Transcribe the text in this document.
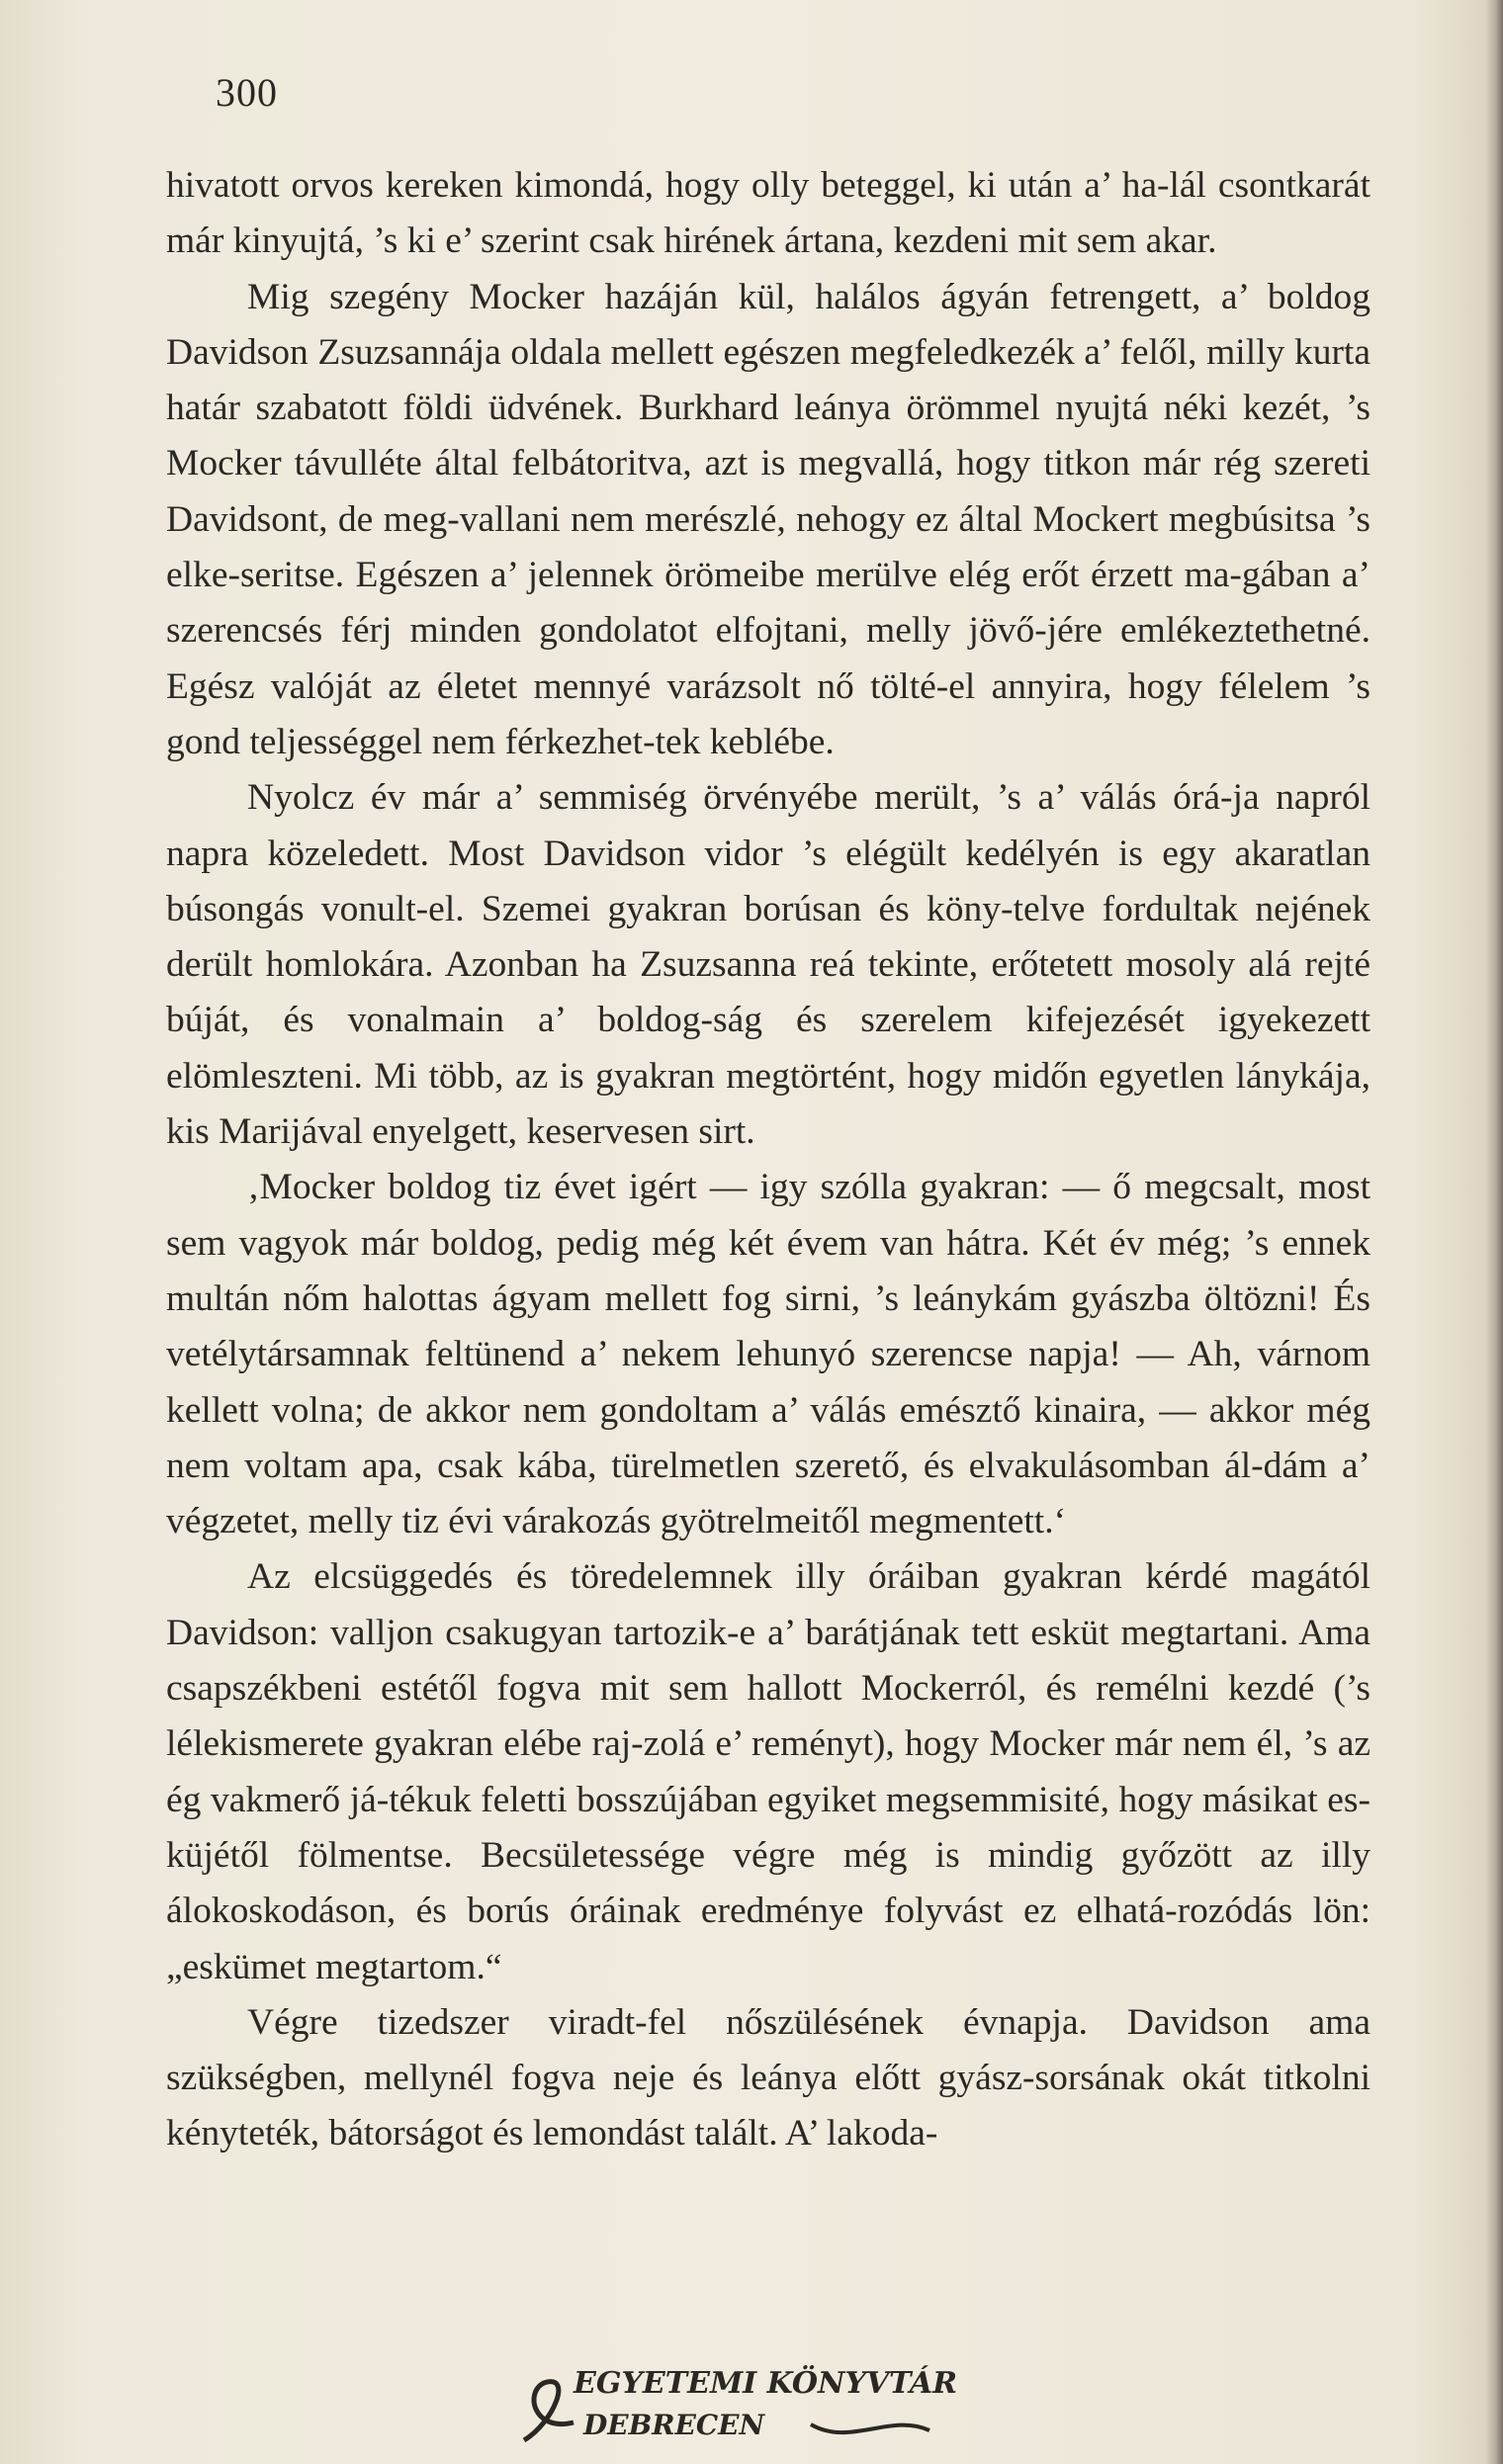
300

hivatott orvos kereken kimondá, hogy olly beteggel, ki után a’ ha-lál csontkarát már kinyujtá, ’s ki e’ szerint csak hirének ártana, kezdeni mit sem akar.

Mig szegény Mocker hazáján kül, halálos ágyán fetrengett, a’ boldog Davidson Zsuzsannája oldala mellett egészen megfeledkezék a’ felől, milly kurta határ szabatott földi üdvének. Burkhard leánya örömmel nyujtá néki kezét, ’s Mocker távulléte által felbátoritva, azt is megvallá, hogy titkon már rég szereti Davidsont, de meg-vallani nem merészlé, nehogy ez által Mockert megbúsitsa ’s elke-seritse. Egészen a’ jelennek örömeibe merülve elég erőt érzett ma-gában a’ szerencsés férj minden gondolatot elfojtani, melly jövő-jére emlékeztethetné. Egész valóját az életet mennyé varázsolt nő tölté-el annyira, hogy félelem ’s gond teljességgel nem férkezhet-tek keblébe.

Nyolcz év már a’ semmiség örvényébe merült, ’s a’ válás órá-ja napról napra közeledett. Most Davidson vidor ’s elégült kedélyén is egy akaratlan búsongás vonult-el. Szemei gyakran borúsan és köny-telve fordultak nejének derült homlokára. Azonban ha Zsuzsanna reá tekinte, erőtetett mosoly alá rejté búját, és vonalmain a’ boldog-ság és szerelem kifejezését igyekezett elömleszteni. Mi több, az is gyakran megtörtént, hogy midőn egyetlen lánykája, kis Marijával enyelgett, keservesen sirt.

‚Mocker boldog tiz évet igért — igy szólla gyakran: — ő megcsalt, most sem vagyok már boldog, pedig még két évem van hátra. Két év még; ’s ennek multán nőm halottas ágyam mellett fog sirni, ’s leánykám gyászba öltözni! És vetélytársamnak feltünend a’ nekem lehunyó szerencse napja! — Ah, várnom kellett volna; de akkor nem gondoltam a’ válás emésztő kinaira, — akkor még nem voltam apa, csak kába, türelmetlen szerető, és elvakulásomban ál-dám a’ végzetet, melly tiz évi várakozás gyötrelmeitől megmentett.‘

Az elcsüggedés és töredelemnek illy óráiban gyakran kérdé magától Davidson: valljon csakugyan tartozik-e a’ barátjának tett esküt megtartani. Ama csapszékbeni estétől fogva mit sem hallott Mockerról, és remélni kezdé (’s lélekismerete gyakran elébe raj-zolá e’ reményt), hogy Mocker már nem él, ’s az ég vakmerő já-tékuk feletti bosszújában egyiket megsemmisité, hogy másikat es-küjétől fölmentse. Becsületessége végre még is mindig győzött az illy álokoskodáson, és borús óráinak eredménye folyvást ez elhatá-rozódás lön: „eskümet megtartom.“

Végre tizedszer viradt-fel nőszülésének évnapja. Davidson ama szükségben, mellynél fogva neje és leánya előtt gyász-sorsának okát titkolni kényteték, bátorságot és lemondást talált. A’ lakoda-

EGYETEMI KÖNYVTÁR
DEBRECEN
